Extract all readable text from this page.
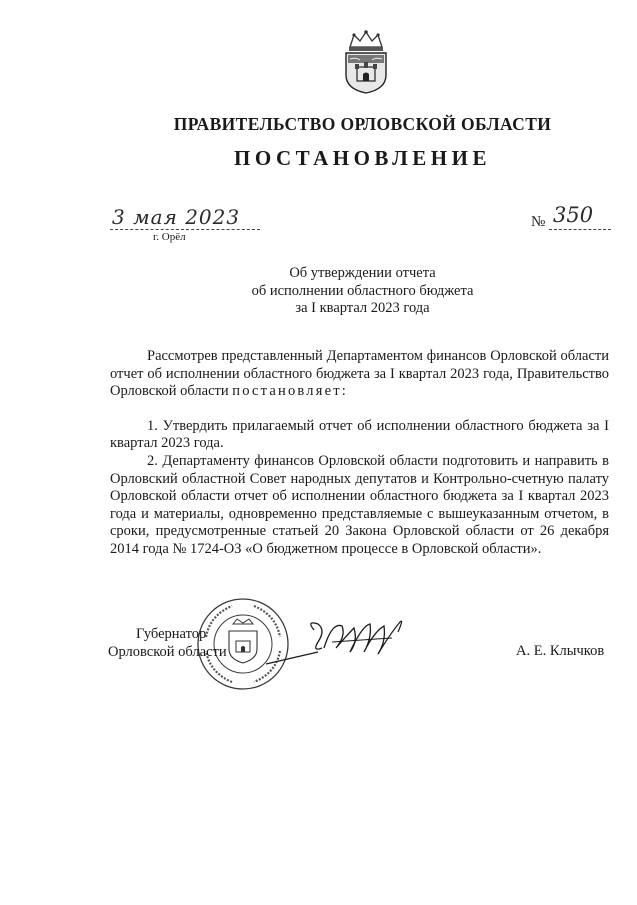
ПРАВИТЕЛЬСТВО ОРЛОВСКОЙ ОБЛАСТИ
ПОСТАНОВЛЕНИЕ
3 мая 2023
г. Орёл
№ 350
Об утверждении отчета
об исполнении областного бюджета
за I квартал 2023 года

Рассмотрев представленный Департаментом финансов Орловской области отчет об исполнении областного бюджета за I квартал 2023 года, Правительство Орловской области постановляет:

1. Утвердить прилагаемый отчет об исполнении областного бюджета за I квартал 2023 года.

2. Департаменту финансов Орловской области подготовить и направить в Орловский областной Совет народных депутатов и Контрольно-счетную палату Орловской области отчет об исполнении областного бюджета за I квартал 2023 года и материалы, одновременно представляемые с вышеуказанным отчетом, в сроки, предусмотренные статьей 20 Закона Орловской области от 26 декабря 2014 года № 1724-ОЗ «О бюджетном процессе в Орловской области».

Губернатор
Орловской области	А. Е. Клычков
